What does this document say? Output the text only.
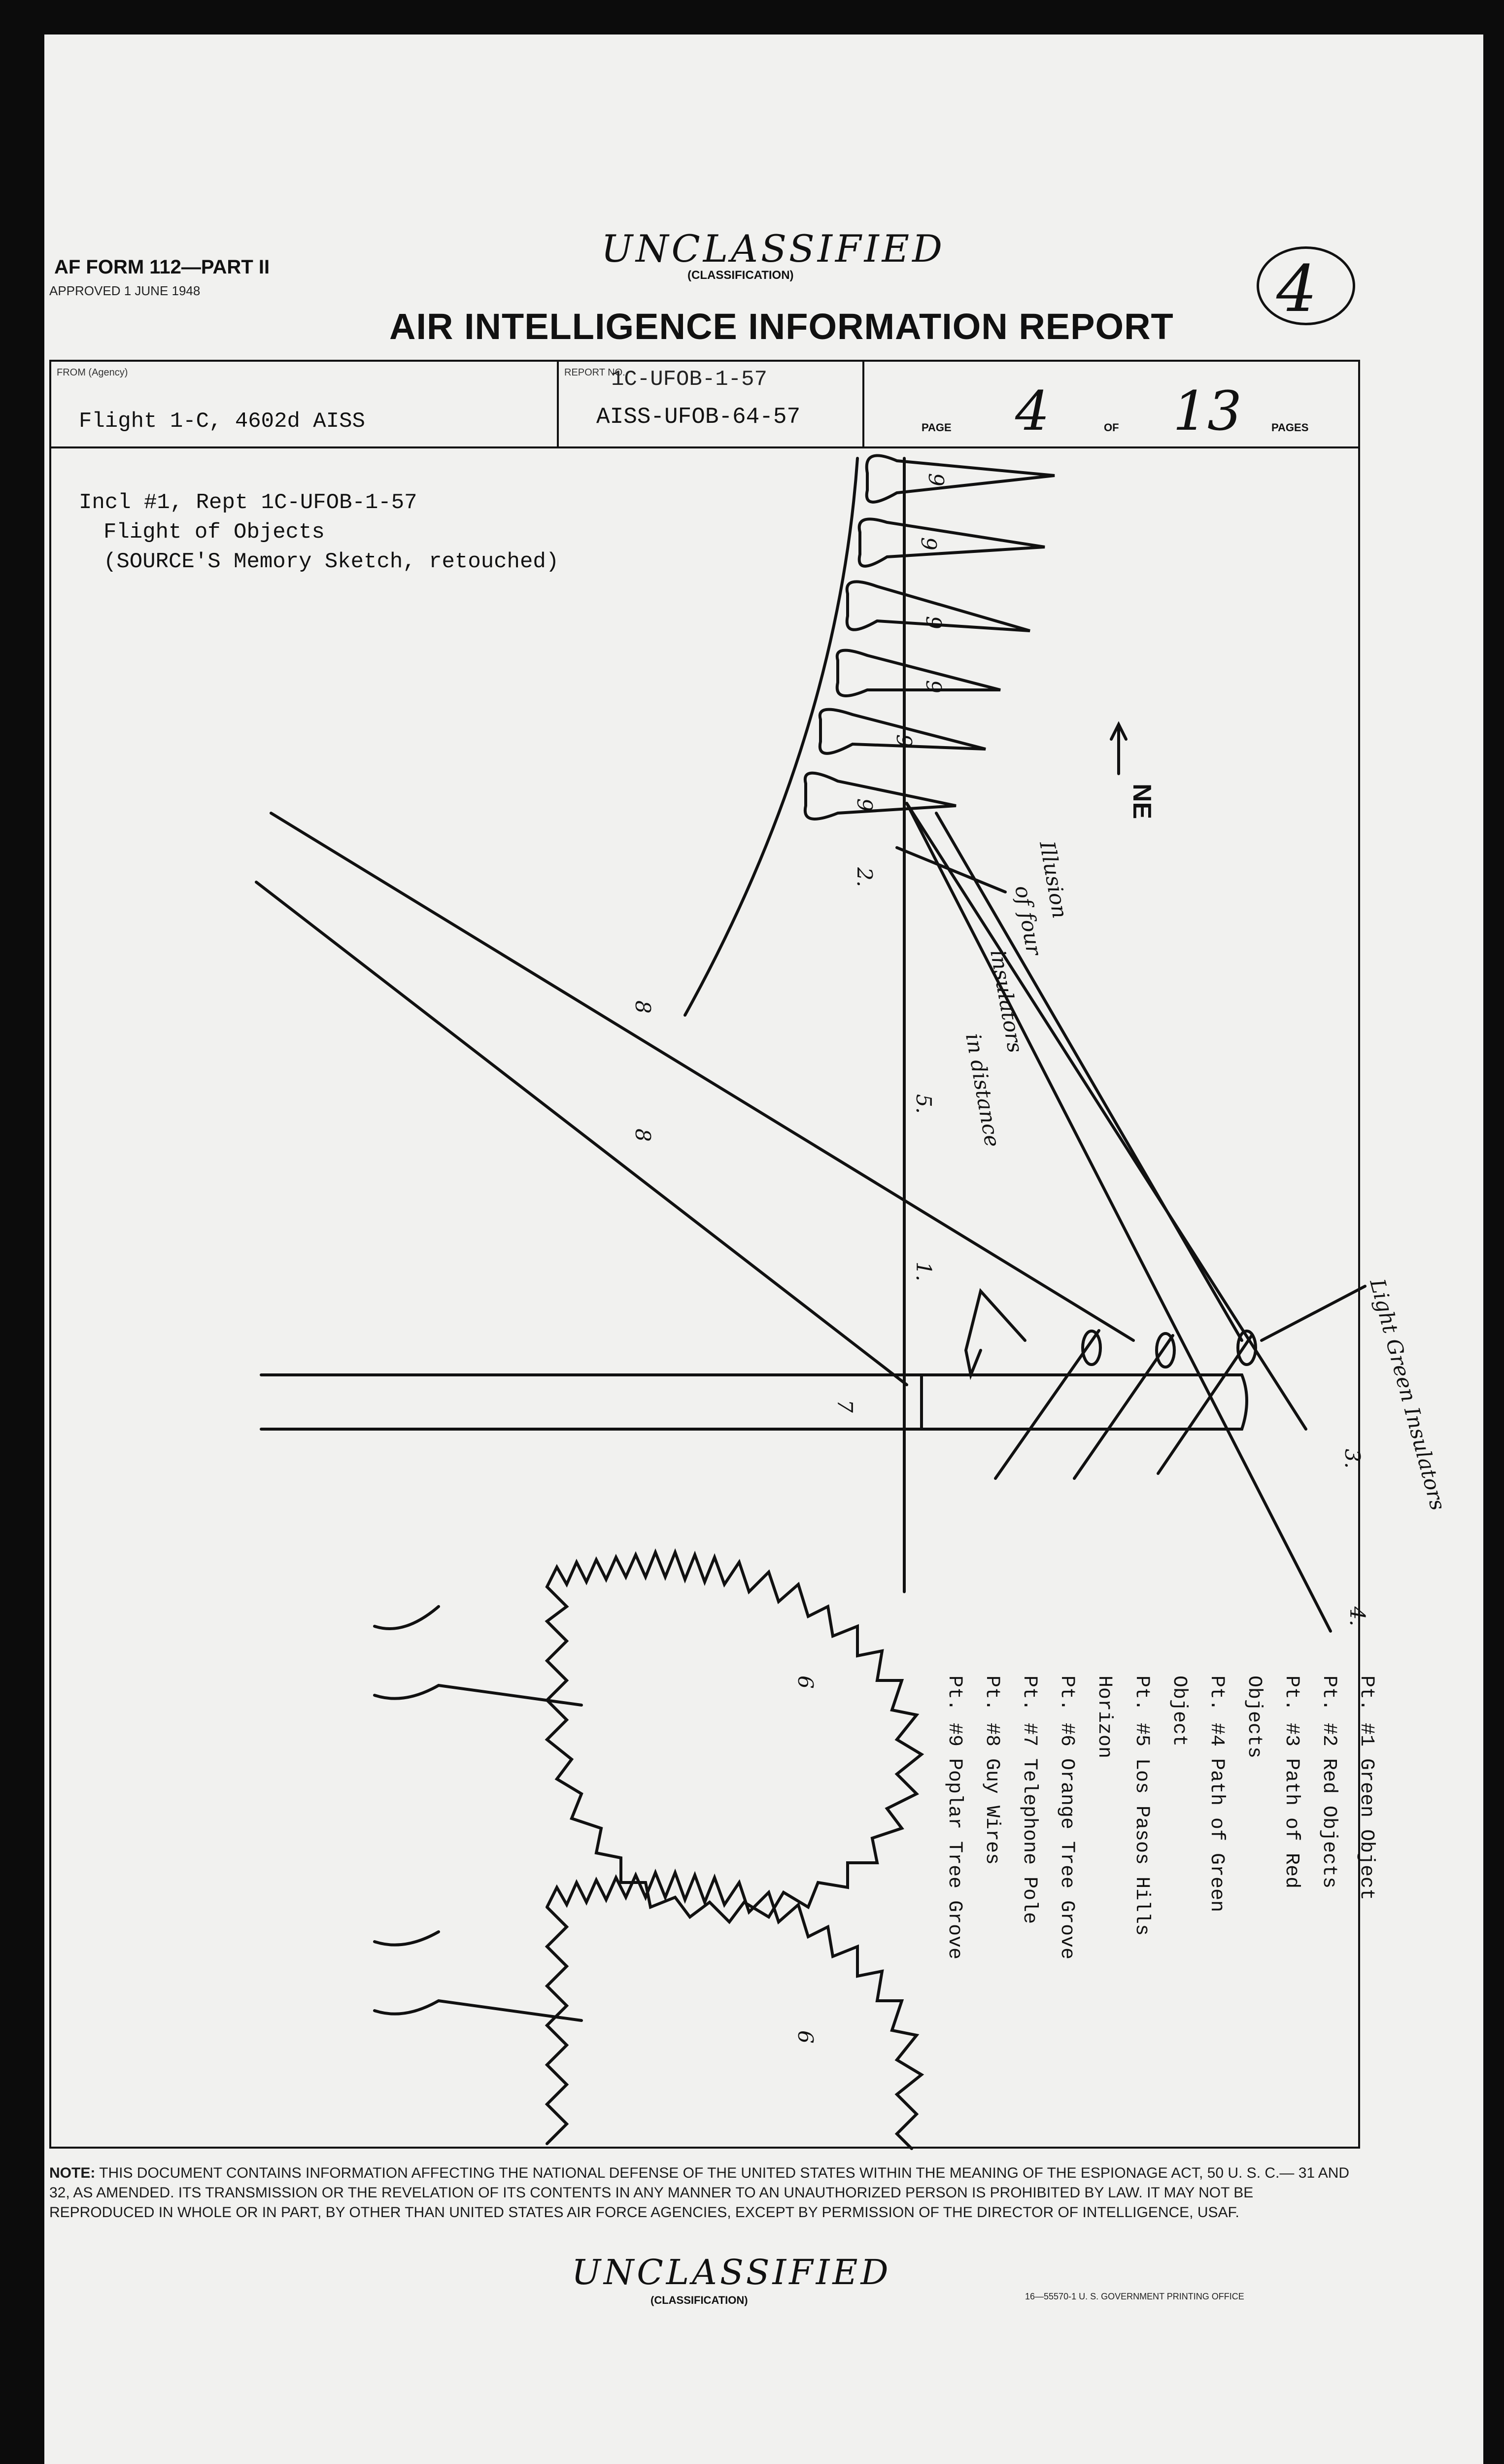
AF FORM 112—PART II
APPROVED 1 JUNE 1948
UNCLASSIFIED
(CLASSIFICATION)	4
AIR INTELLIGENCE INFORMATION REPORT
FROM (Agency)
Flight 1-C, 4602d AISS
REPORT NO.
1C-UFOB-1-57
AISS-UFOB-64-57	PAGE 4	OF 13	PAGES
Incl #1, Rept 1C-UFOB-1-57
Flight of Objects
(SOURCE'S Memory Sketch, retouched)
9
9
9
9
9
9
2.
8
8
5.
1.
7
3.
4.
6
6
NE
Illusion
of four
insulators
in distance
Light Green Insulators
Pt. #1 Green Object
Pt. #2 Red Objects
Pt. #3 Path of Red Objects
Pt. #4 Path of Green Object
Pt. #5 Los Pasos Hills Horizon
Pt. #6 Orange Tree Grove
Pt. #7 Telephone Pole
Pt. #8 Guy Wires
Pt. #9 Poplar Tree Grove
NOTE: THIS DOCUMENT CONTAINS INFORMATION AFFECTING THE NATIONAL DEFENSE OF THE UNITED STATES WITHIN THE MEANING OF THE ESPIONAGE ACT, 50 U. S. C.— 31 AND 32, AS AMENDED. ITS TRANSMISSION OR THE REVELATION OF ITS CONTENTS IN ANY MANNER TO AN UNAUTHORIZED PERSON IS PROHIBITED BY LAW. IT MAY NOT BE REPRODUCED IN WHOLE OR IN PART, BY OTHER THAN UNITED STATES AIR FORCE AGENCIES, EXCEPT BY PERMISSION OF THE DIRECTOR OF INTELLIGENCE, USAF.
UNCLASSIFIED
(CLASSIFICATION)	16—55570-1 U. S. GOVERNMENT PRINTING OFFICE
